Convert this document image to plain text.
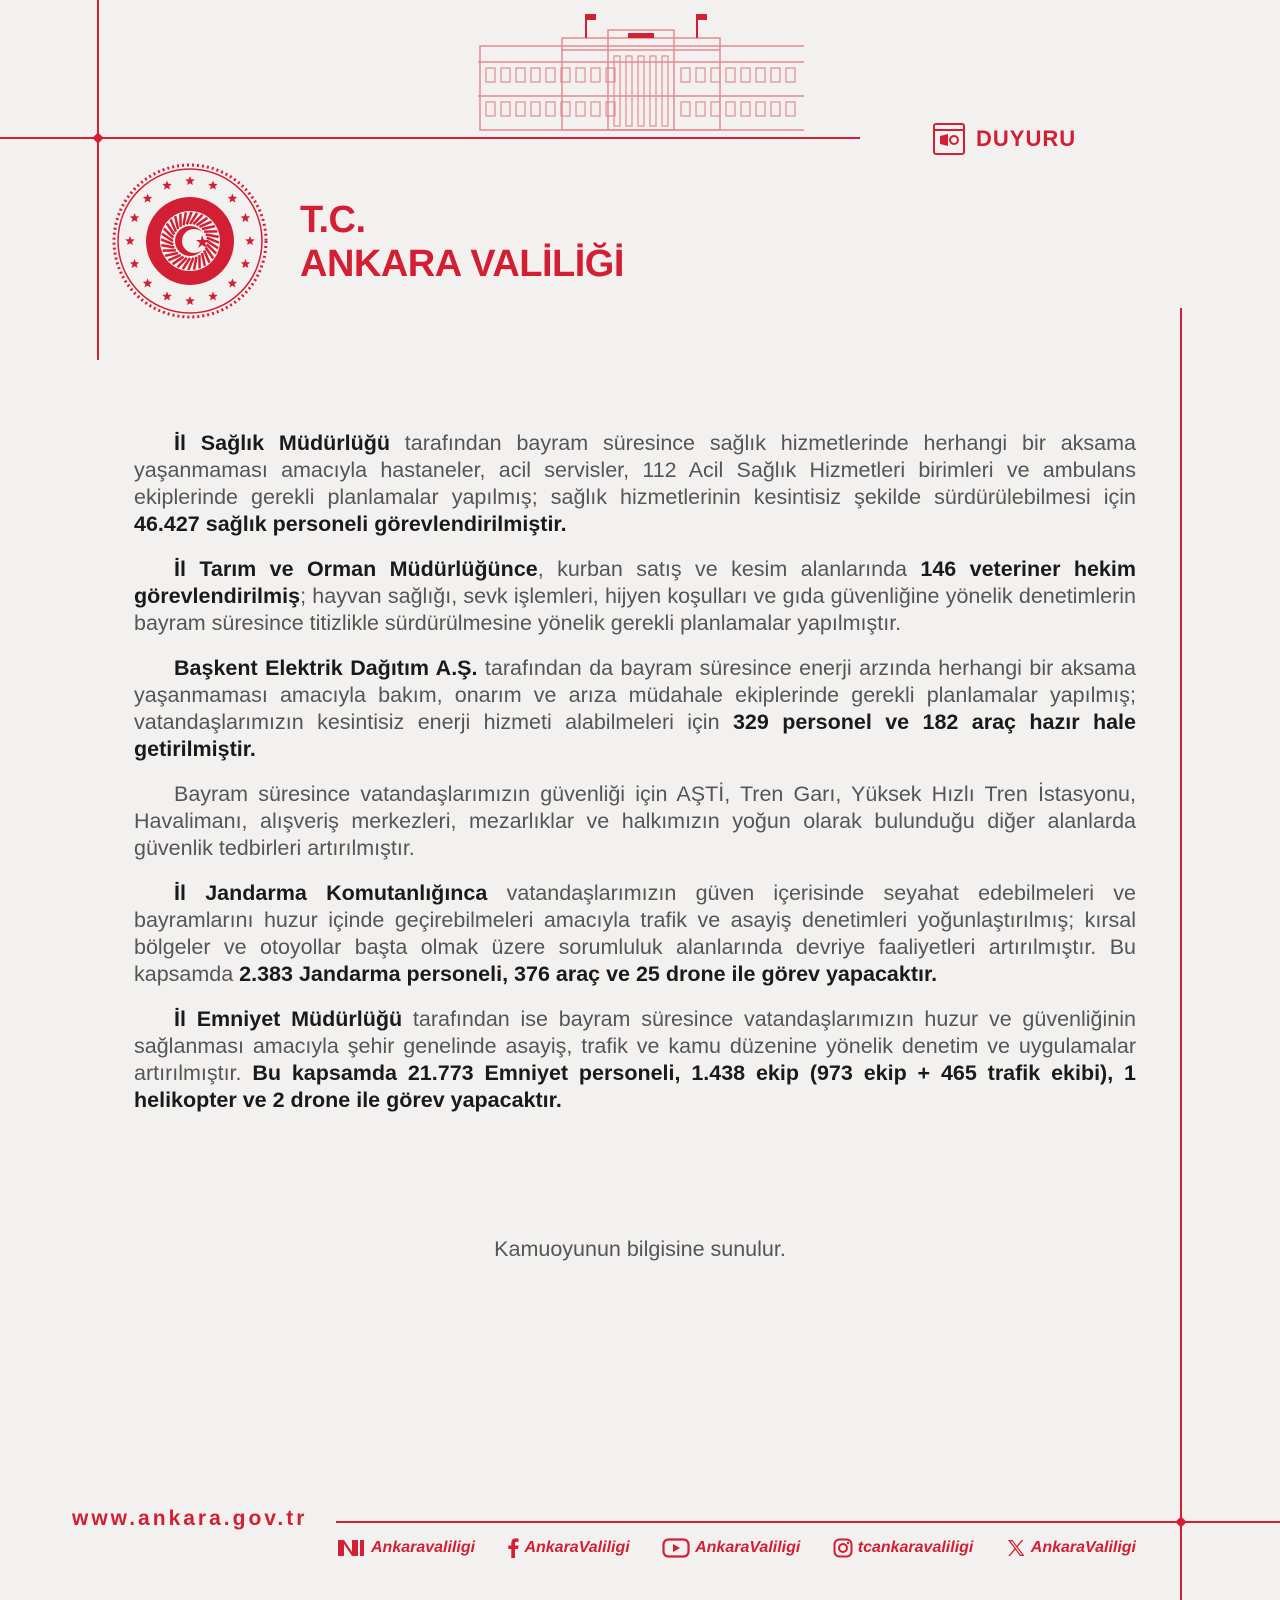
T.C.
ANKARA VALİLİĞİ
DUYURU

İl Sağlık Müdürlüğü tarafından bayram süresince sağlık hizmetlerinde herhangi bir aksama yaşanmaması amacıyla hastaneler, acil servisler, 112 Acil Sağlık Hizmetleri birimleri ve ambulans ekiplerinde gerekli planlamalar yapılmış; sağlık hizmetlerinin kesintisiz şekilde sürdürülebilmesi için 46.427 sağlık personeli görevlendirilmiştir.

İl Tarım ve Orman Müdürlüğünce, kurban satış ve kesim alanlarında 146 veteriner hekim görevlendirilmiş; hayvan sağlığı, sevk işlemleri, hijyen koşulları ve gıda güvenliğine yönelik denetimlerin bayram süresince titizlikle sürdürülmesine yönelik gerekli planlamalar yapılmıştır.

Başkent Elektrik Dağıtım A.Ş. tarafından da bayram süresince enerji arzında herhangi bir aksama yaşanmaması amacıyla bakım, onarım ve arıza müdahale ekiplerinde gerekli planlamalar yapılmış; vatandaşlarımızın kesintisiz enerji hizmeti alabilmeleri için 329 personel ve 182 araç hazır hale getirilmiştir.

Bayram süresince vatandaşlarımızın güvenliği için AŞTİ, Tren Garı, Yüksek Hızlı Tren İstasyonu, Havalimanı, alışveriş merkezleri, mezarlıklar ve halkımızın yoğun olarak bulunduğu diğer alanlarda güvenlik tedbirleri artırılmıştır.

İl Jandarma Komutanlığınca vatandaşlarımızın güven içerisinde seyahat edebilmeleri ve bayramlarını huzur içinde geçirebilmeleri amacıyla trafik ve asayiş denetimleri yoğunlaştırılmış; kırsal bölgeler ve otoyollar başta olmak üzere sorumluluk alanlarında devriye faaliyetleri artırılmıştır. Bu kapsamda 2.383 Jandarma personeli, 376 araç ve 25 drone ile görev yapacaktır.

İl Emniyet Müdürlüğü tarafından ise bayram süresince vatandaşlarımızın huzur ve güvenliğinin sağlanması amacıyla şehir genelinde asayiş, trafik ve kamu düzenine yönelik denetim ve uygulamalar artırılmıştır. Bu kapsamda 21.773 Emniyet personeli, 1.438 ekip (973 ekip + 465 trafik ekibi), 1 helikopter ve 2 drone ile görev yapacaktır.

Kamuoyunun bilgisine sunulur.
www.ankara.gov.tr
Ankaravaliligi	AnkaraValiligi	AnkaraValiligi	tcankaravaliligi	AnkaraValiligi
